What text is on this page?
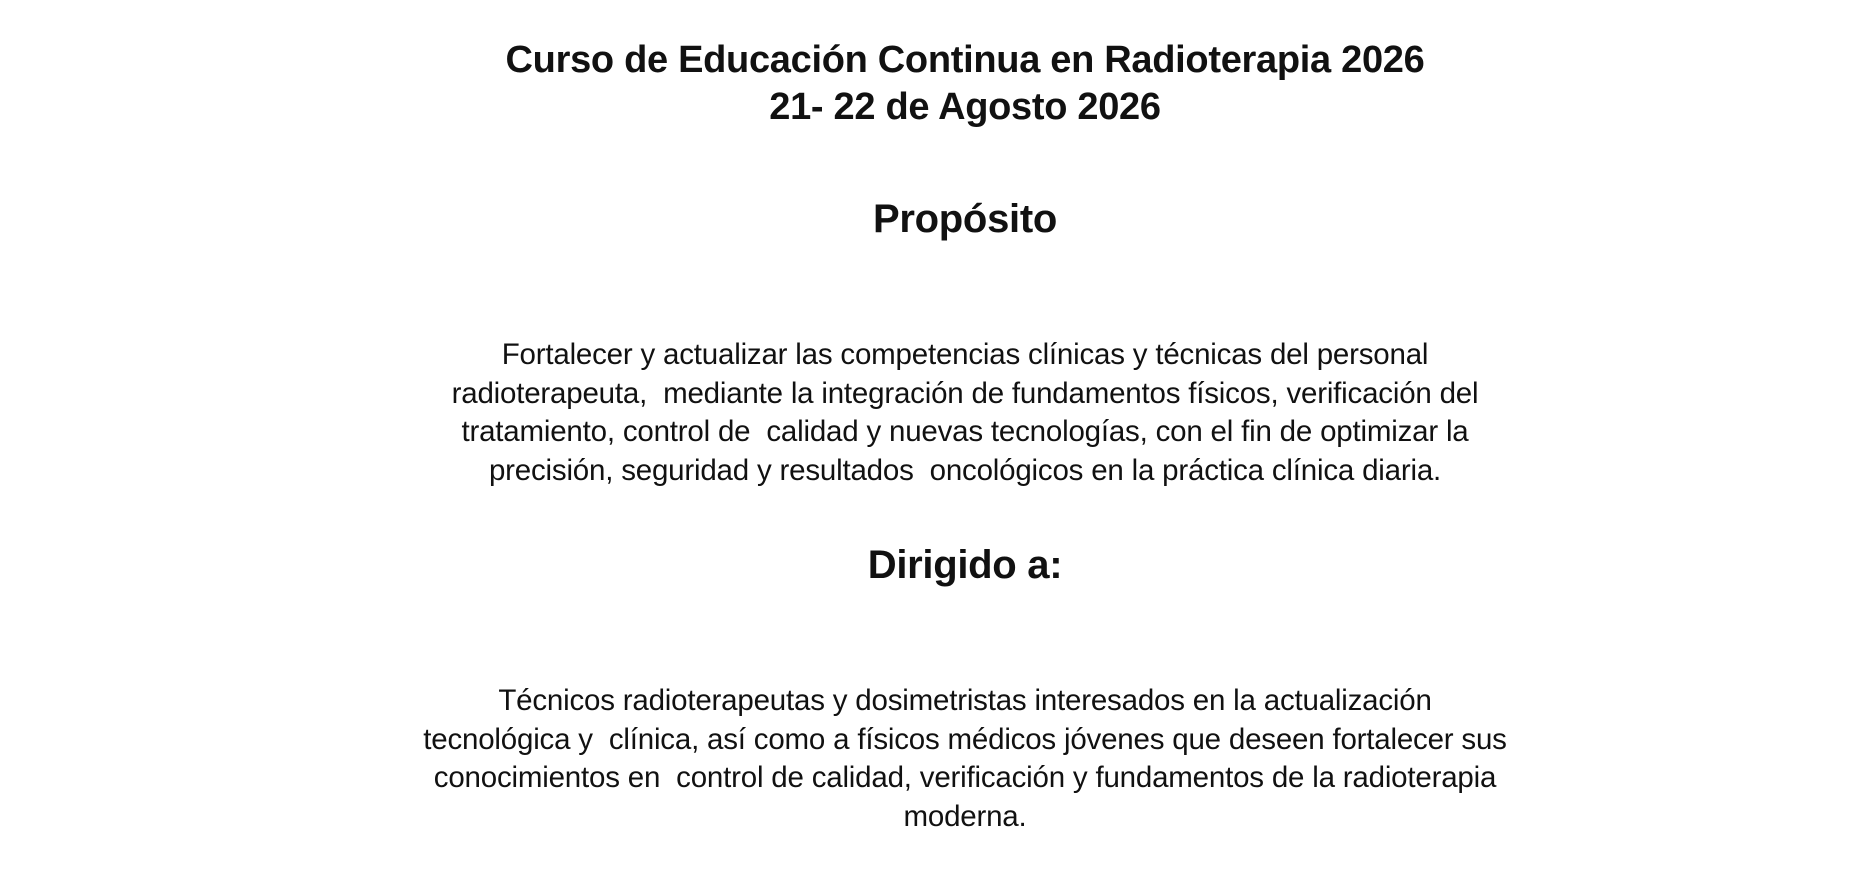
Curso de Educación Continua en Radioterapia 2026
21- 22 de Agosto 2026
Propósito
Fortalecer y actualizar las competencias clínicas y técnicas del personal
radioterapeuta,  mediante la integración de fundamentos físicos, verificación del
tratamiento, control de  calidad y nuevas tecnologías, con el fin de optimizar la
precisión, seguridad y resultados  oncológicos en la práctica clínica diaria.
Dirigido a:
Técnicos radioterapeutas y dosimetristas interesados en la actualización
tecnológica y  clínica, así como a físicos médicos jóvenes que deseen fortalecer sus
conocimientos en  control de calidad, verificación y fundamentos de la radioterapia
moderna.
